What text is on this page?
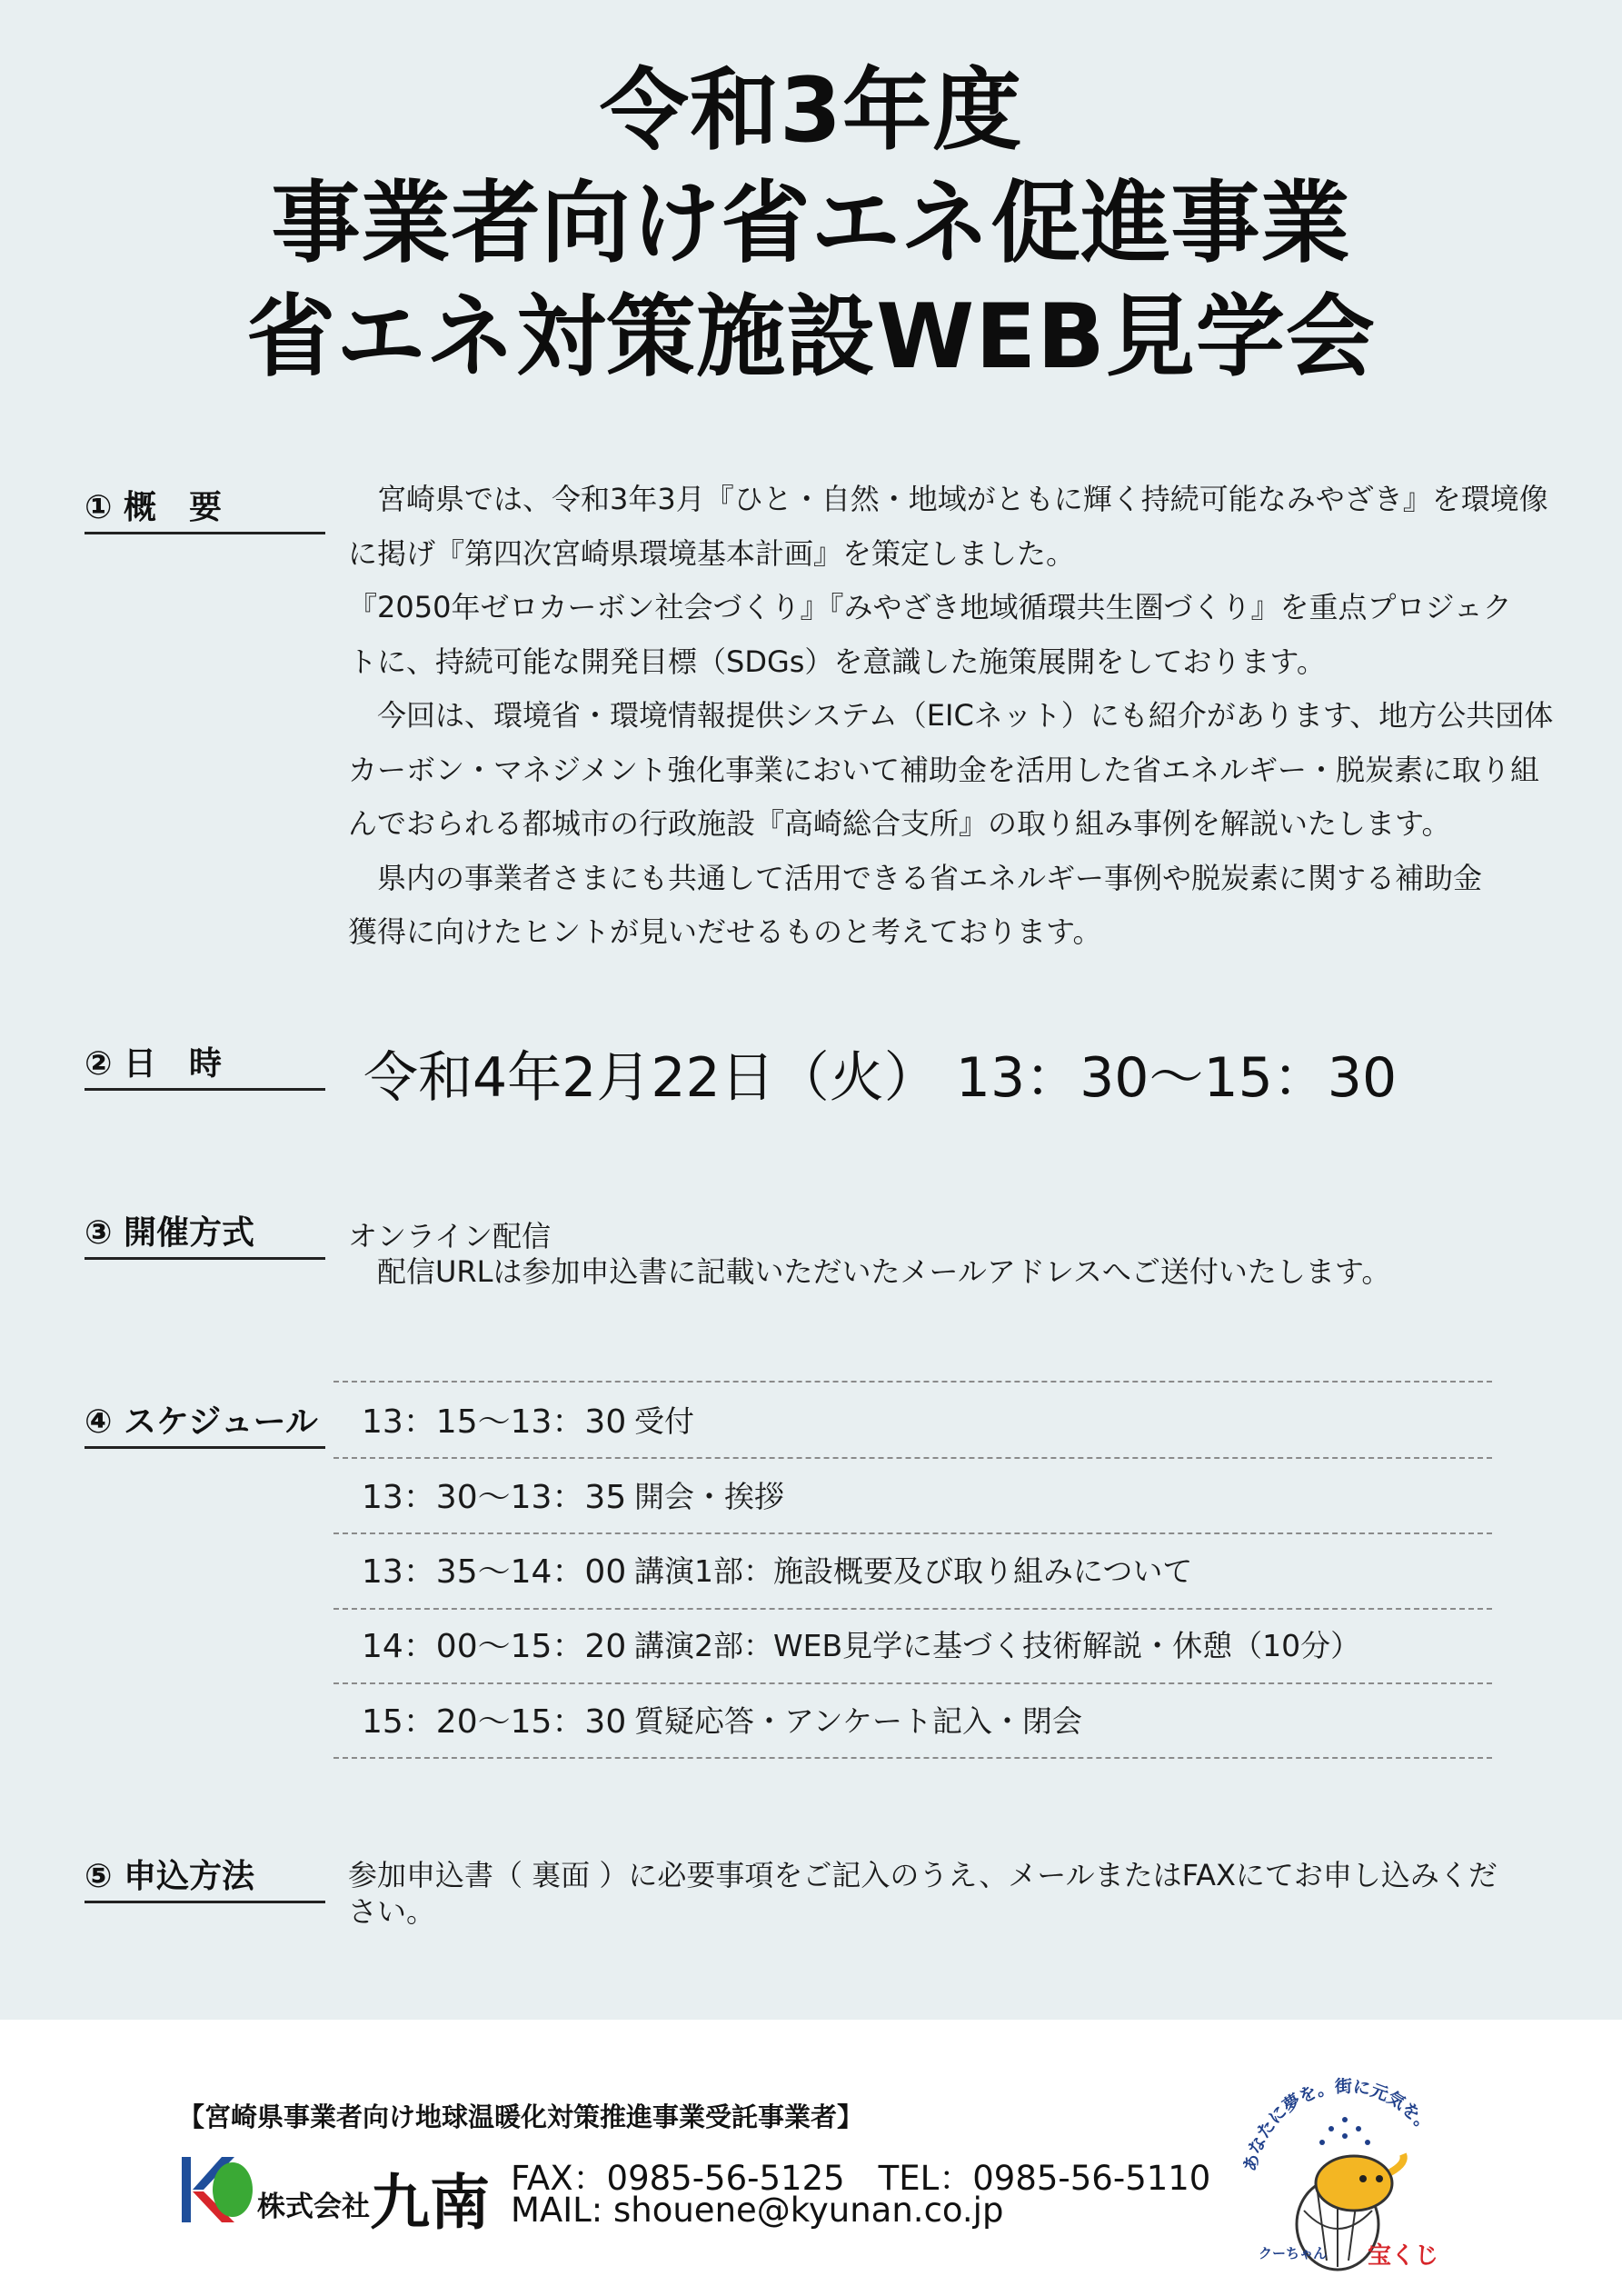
令和3年度
事業者向け省エネ促進事業
省エネ対策施設WEB見学会
① 概　要	　宮崎県では、令和3年3月『ひと・自然・地域がともに輝く持続可能なみやざき』を環境像
に掲げ『第四次宮崎県環境基本計画』を策定しました。
『2050年ゼロカーボン社会づくり』『みやざき地域循環共生圏づくり』を重点プロジェク
トに、持続可能な開発目標（SDGs）を意識した施策展開をしております。
　今回は、環境省・環境情報提供システム（EICネット）にも紹介があります、地方公共団体
カーボン・マネジメント強化事業において補助金を活用した省エネルギー・脱炭素に取り組
んでおられる都城市の行政施設『高崎総合支所』の取り組み事例を解説いたします。
　県内の事業者さまにも共通して活用できる省エネルギー事例や脱炭素に関する補助金
獲得に向けたヒントが見いだせるものと考えております。
② 日　時	令和4年2月22日（火） 13：30～15：30
③ 開催方式	オンライン配信
　配信URLは参加申込書に記載いただいたメールアドレスへご送付いたします。
④ スケジュール 13：15～13：30 受付
13：30～13：35 開会・挨拶
13：35～14：00 講演1部：施設概要及び取り組みについて
14：00～15：20 講演2部：WEB見学に基づく技術解説・休憩（10分）
15：20～15：30 質疑応答・アンケート記入・閉会
⑤ 申込方法	参加申込書（ 裏面 ）に必要事項をご記入のうえ、メールまたはFAXにてお申し込みください。
【宮崎県事業者向け地球温暖化対策推進事業受託事業者】
株式会社九南 FAX：0985-56-5125　TEL：0985-56-5110
MAIL: shouene@kyunan.co.jp
あなたに夢を。街に元気を。
クーちゃん 宝くじ
